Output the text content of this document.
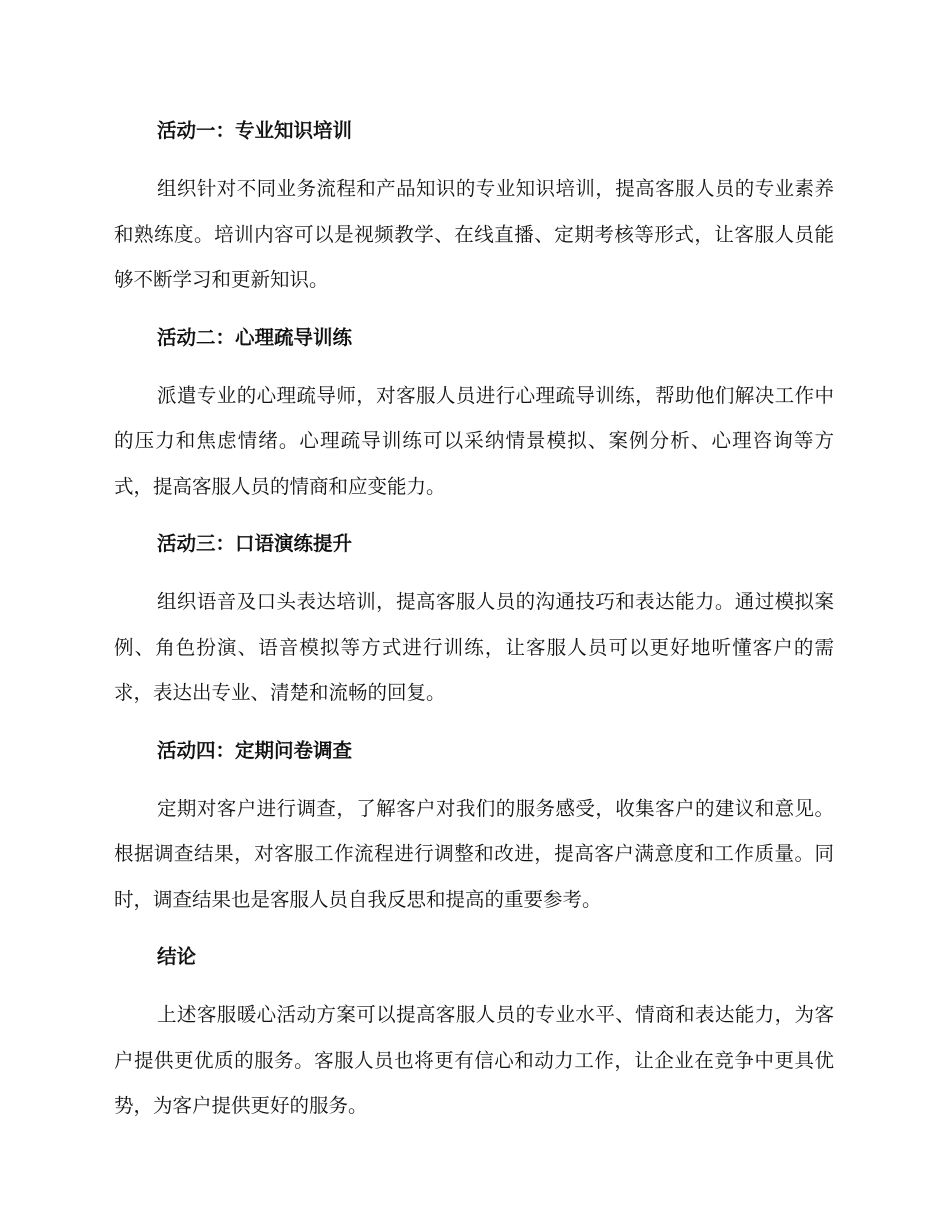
活动一：专业知识培训

组织针对不同业务流程和产品知识的专业知识培训，提高客服人员的专业素养和熟练度。培训内容可以是视频教学、在线直播、定期考核等形式，让客服人员能够不断学习和更新知识。

活动二：心理疏导训练

派遣专业的心理疏导师，对客服人员进行心理疏导训练，帮助他们解决工作中的压力和焦虑情绪。心理疏导训练可以采纳情景模拟、案例分析、心理咨询等方式，提高客服人员的情商和应变能力。

活动三：口语演练提升

组织语音及口头表达培训，提高客服人员的沟通技巧和表达能力。通过模拟案例、角色扮演、语音模拟等方式进行训练，让客服人员可以更好地听懂客户的需求，表达出专业、清楚和流畅的回复。

活动四：定期问卷调查

定期对客户进行调查，了解客户对我们的服务感受，收集客户的建议和意见。根据调查结果，对客服工作流程进行调整和改进，提高客户满意度和工作质量。同时，调查结果也是客服人员自我反思和提高的重要参考。

结论

上述客服暖心活动方案可以提高客服人员的专业水平、情商和表达能力，为客户提供更优质的服务。客服人员也将更有信心和动力工作，让企业在竞争中更具优势，为客户提供更好的服务。
